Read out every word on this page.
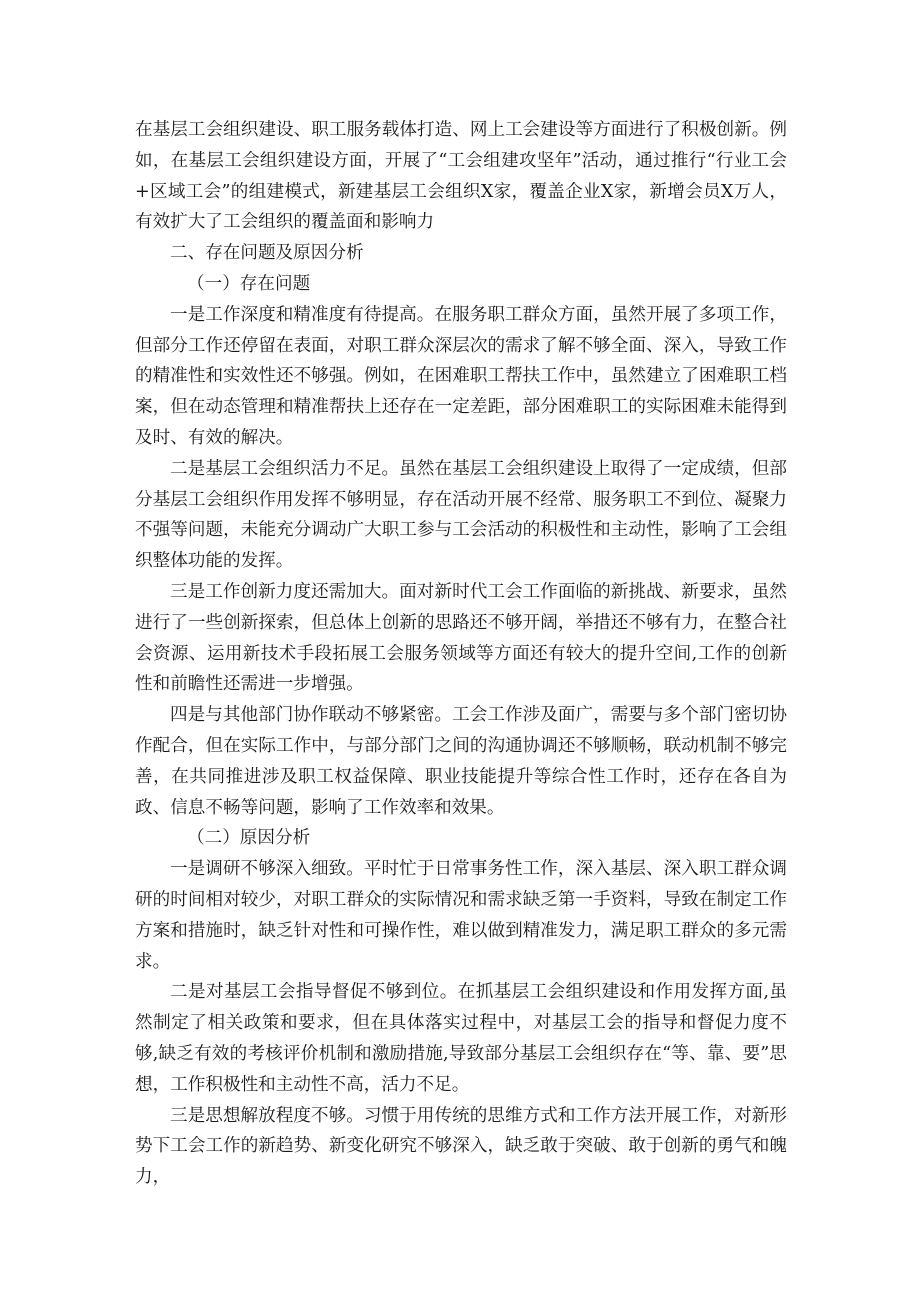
在基层工会组织建设、职工服务载体打造、网上工会建设等方面进行了积极创新。例如，在基层工会组织建设方面，开展了“工会组建攻坚年”活动，通过推行“行业工会+区域工会”的组建模式，新建基层工会组织X家，覆盖企业X家，新增会员X万人，有效扩大了工会组织的覆盖面和影响力

二、存在问题及原因分析

（一）存在问题

一是工作深度和精准度有待提高。在服务职工群众方面，虽然开展了多项工作，但部分工作还停留在表面，对职工群众深层次的需求了解不够全面、深入，导致工作的精准性和实效性还不够强。例如，在困难职工帮扶工作中，虽然建立了困难职工档案，但在动态管理和精准帮扶上还存在一定差距，部分困难职工的实际困难未能得到及时、有效的解决。

二是基层工会组织活力不足。虽然在基层工会组织建设上取得了一定成绩，但部分基层工会组织作用发挥不够明显，存在活动开展不经常、服务职工不到位、凝聚力不强等问题，未能充分调动广大职工参与工会活动的积极性和主动性，影响了工会组织整体功能的发挥。

三是工作创新力度还需加大。面对新时代工会工作面临的新挑战、新要求，虽然进行了一些创新探索，但总体上创新的思路还不够开阔，举措还不够有力，在整合社会资源、运用新技术手段拓展工会服务领域等方面还有较大的提升空间,工作的创新性和前瞻性还需进一步增强。

四是与其他部门协作联动不够紧密。工会工作涉及面广，需要与多个部门密切协作配合，但在实际工作中，与部分部门之间的沟通协调还不够顺畅，联动机制不够完善，在共同推进涉及职工权益保障、职业技能提升等综合性工作时，还存在各自为政、信息不畅等问题，影响了工作效率和效果。

（二）原因分析

一是调研不够深入细致。平时忙于日常事务性工作，深入基层、深入职工群众调研的时间相对较少，对职工群众的实际情况和需求缺乏第一手资料，导致在制定工作方案和措施时，缺乏针对性和可操作性，难以做到精准发力，满足职工群众的多元需求。

二是对基层工会指导督促不够到位。在抓基层工会组织建设和作用发挥方面,虽然制定了相关政策和要求，但在具体落实过程中，对基层工会的指导和督促力度不够,缺乏有效的考核评价机制和激励措施,导致部分基层工会组织存在“等、靠、要”思想，工作积极性和主动性不高，活力不足。

三是思想解放程度不够。习惯于用传统的思维方式和工作方法开展工作，对新形势下工会工作的新趋势、新变化研究不够深入，缺乏敢于突破、敢于创新的勇气和魄力，
